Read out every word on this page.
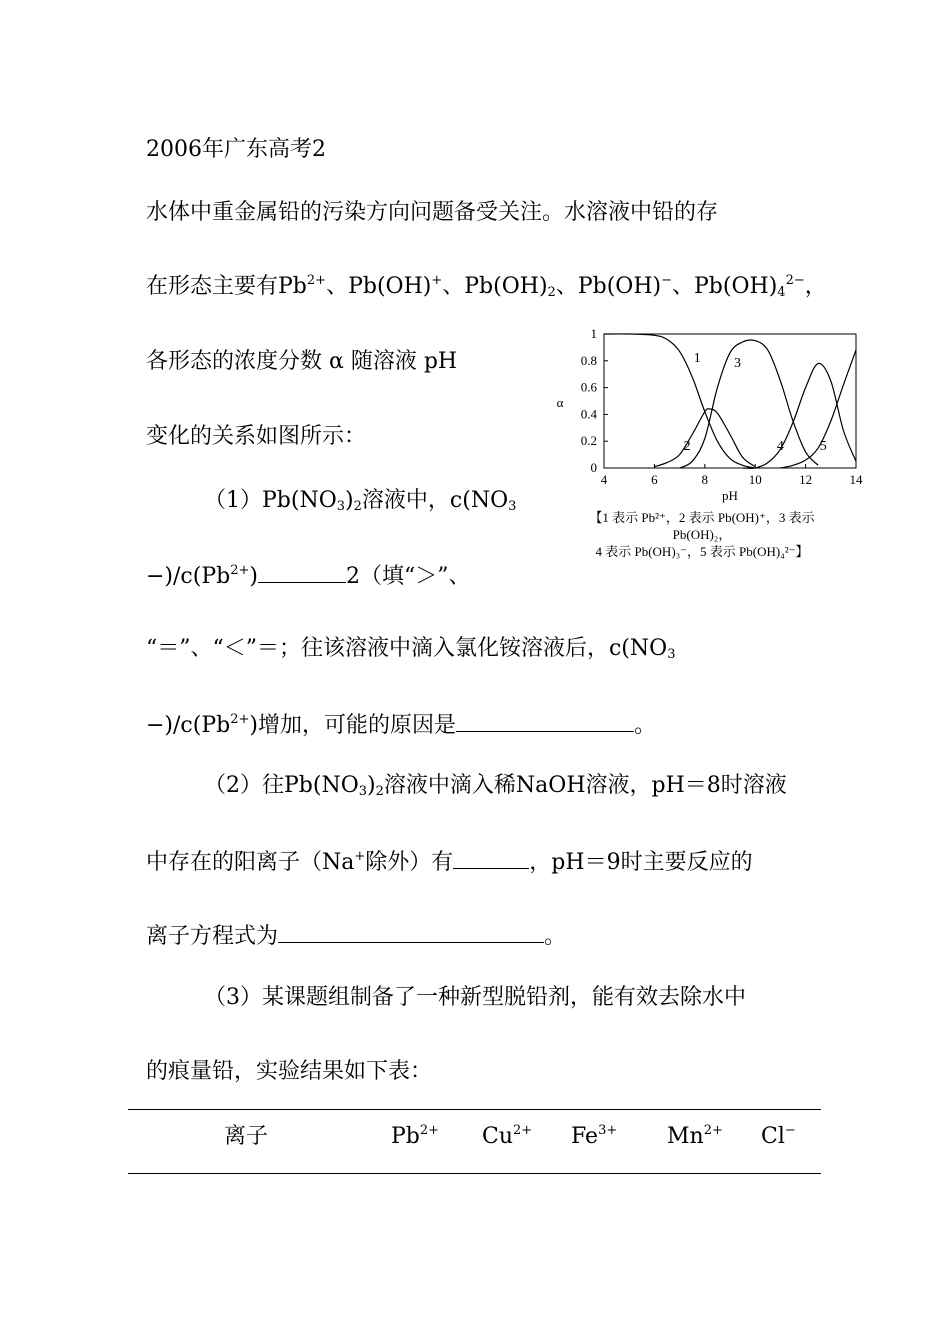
2006年广东高考2
水体中重金属铅的污染方向问题备受关注。水溶液中铅的存
在形态主要有$Pb^{2+}$、Pb(OH)+、$Pb(OH)_2$、Pb(OH)−、$Pb(OH)_4^{2-}$，
各形态的浓度分数 α 随溶液 pH
变化的关系如图所示：
4	6	8	10	12	14
0
0.2
0.4
0.6
0.8
1
1
2
3
4	5
α
pH
【1 表示 Pb²⁺，2 表示 Pb(OH)⁺，3 表示
Pb(OH)₂，
4 表示 Pb(OH)₃⁻，5 表示 Pb(OH)₄²⁻】
$(1)Pb(NO_3)_2$溶液中，$c(NO_3$
$-)/c(Pb^{2+})$	2（填“＞”、
“＝”、“＜”＝；往该溶液中滴入氯化铵溶液后，$c(NO_3$
$-)/c(Pb^{2+})$增加，可能的原因是	。
（2）往$Pb(NO_3)_2$溶液中滴入稀NaOH溶液，pH＝8时溶液
中存在的阳离子（Na+除外）有	，pH＝9时主要反应的
离子方程式为	。
（3）某课题组制备了一种新型脱铅剂，能有效去除水中
的痕量铅，实验结果如下表：
离子	$Pb^{2+}$ $Cu^{2+}$ $Fe^{3+}$ $Mn^{2+}$ Cl−
